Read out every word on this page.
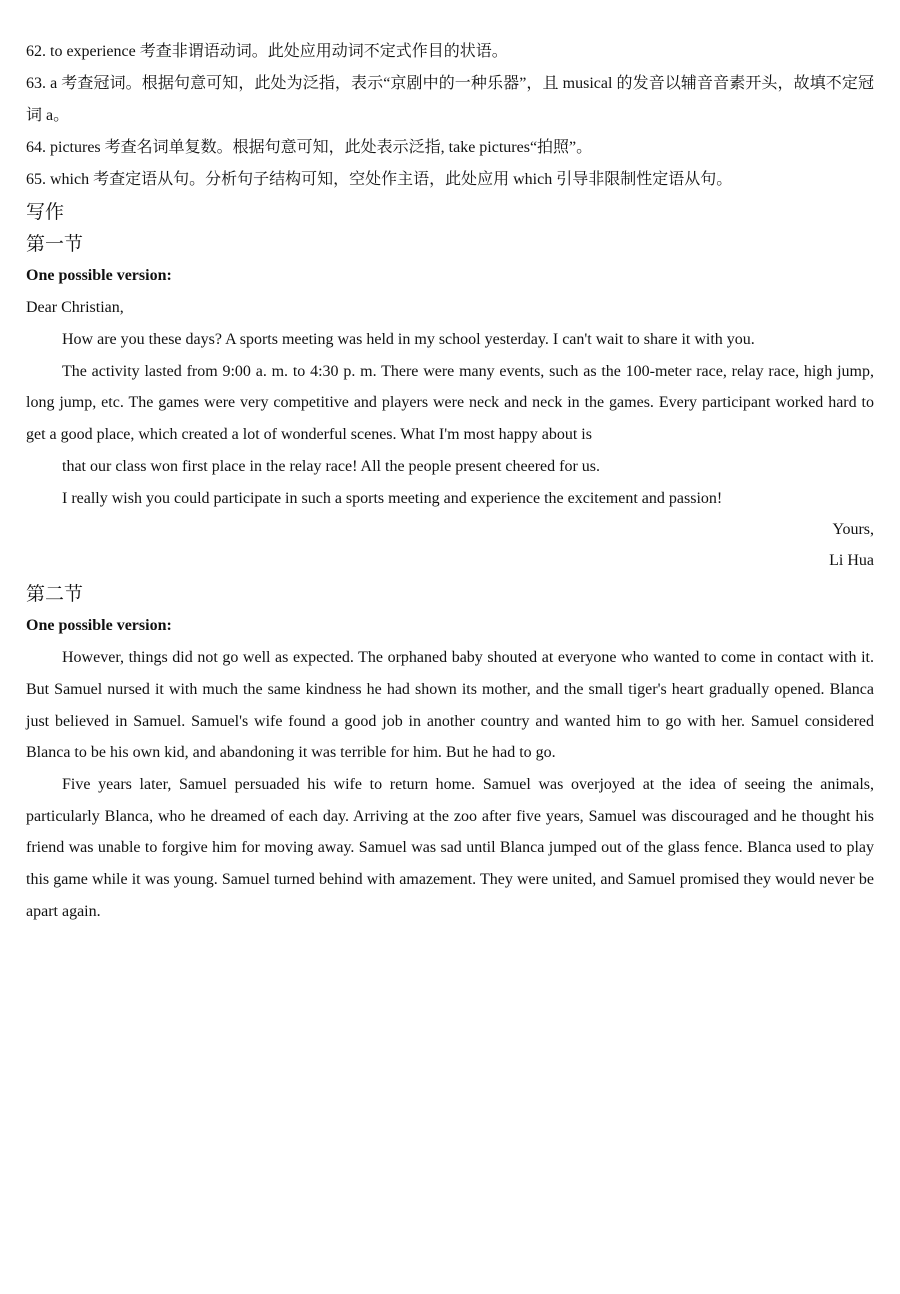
62. to experience 考查非谓语动词。此处应用动词不定式作目的状语。

63. a 考查冠词。根据句意可知，此处为泛指，表示“京剧中的一种乐器”，且 musical 的发音以辅音音素开头，故填不定冠词 a。

64. pictures 考查名词单复数。根据句意可知，此处表示泛指, take pictures“拍照”。

65. which 考查定语从句。分析句子结构可知，空处作主语，此处应用 which 引导非限制性定语从句。

写作

第一节

One possible version:

Dear Christian,

How are you these days? A sports meeting was held in my school yesterday. I can't wait to share it with you.

The activity lasted from 9:00 a. m. to 4:30 p. m. There were many events, such as the 100-meter race, relay race, high jump, long jump, etc. The games were very competitive and players were neck and neck in the games. Every participant worked hard to get a good place, which created a lot of wonderful scenes. What I'm most happy about is

that our class won first place in the relay race! All the people present cheered for us.

I really wish you could participate in such a sports meeting and experience the excitement and passion!

Yours,

Li Hua

第二节

One possible version:

However, things did not go well as expected. The orphaned baby shouted at everyone who wanted to come in contact with it. But Samuel nursed it with much the same kindness he had shown its mother, and the small tiger's heart gradually opened. Blanca just believed in Samuel. Samuel's wife found a good job in another country and wanted him to go with her. Samuel considered Blanca to be his own kid, and abandoning it was terrible for him. But he had to go.

Five years later, Samuel persuaded his wife to return home. Samuel was overjoyed at the idea of seeing the animals, particularly Blanca, who he dreamed of each day. Arriving at the zoo after five years, Samuel was discouraged and he thought his friend was unable to forgive him for moving away. Samuel was sad until Blanca jumped out of the glass fence. Blanca used to play this game while it was young. Samuel turned behind with amazement. They were united, and Samuel promised they would never be apart again.
